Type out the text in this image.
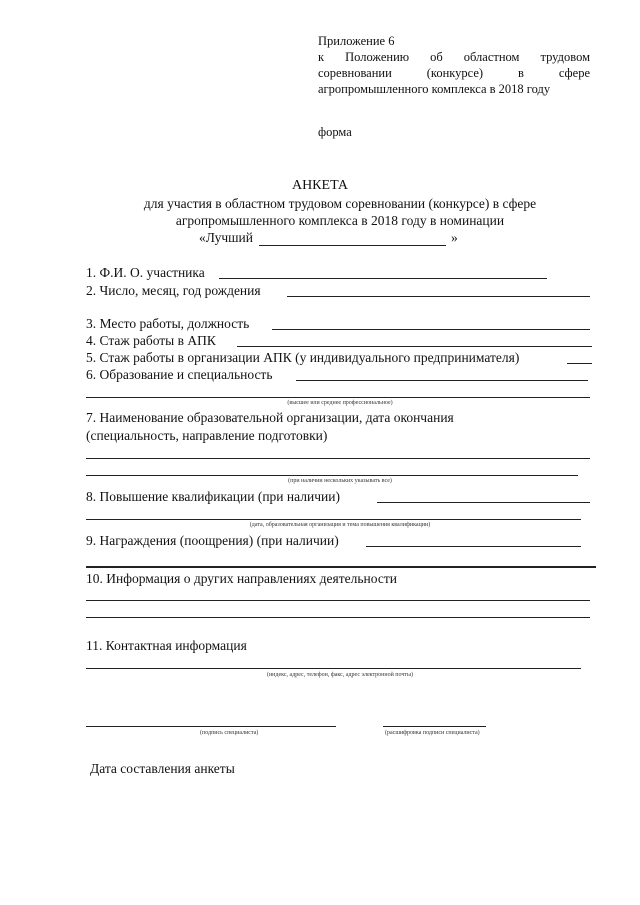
Приложение 6
к Положению об областном трудовом
соревновании (конкурсе) в сфере
агропромышленного комплекса в 2018 году
форма
АНКЕТА
для участия в областном трудовом соревновании (конкурсе) в сфере
агропромышленного комплекса в 2018 году в номинации
«Лучший	»
1. Ф.И. О. участника
2. Число, месяц, год рождения
3. Место работы, должность
4. Стаж работы в АПК
5. Стаж работы в организации АПК (у индивидуального предпринимателя)
6. Образование и специальность
(высшее или среднее профессиональное)
7. Наименование образовательной организации, дата окончания
(специальность, направление подготовки)
(при наличии нескольких указывать все)
8. Повышение квалификации (при наличии)
(дата, образовательная организация и тема повышения квалификации)
9. Награждения (поощрения) (при наличии)
10. Информация о других направлениях деятельности
11. Контактная информация
(индекс, адрес, телефон, факс, адрес электронной почты)
(подпись специалиста)	(расшифровка подписи специалиста)
Дата составления анкеты
